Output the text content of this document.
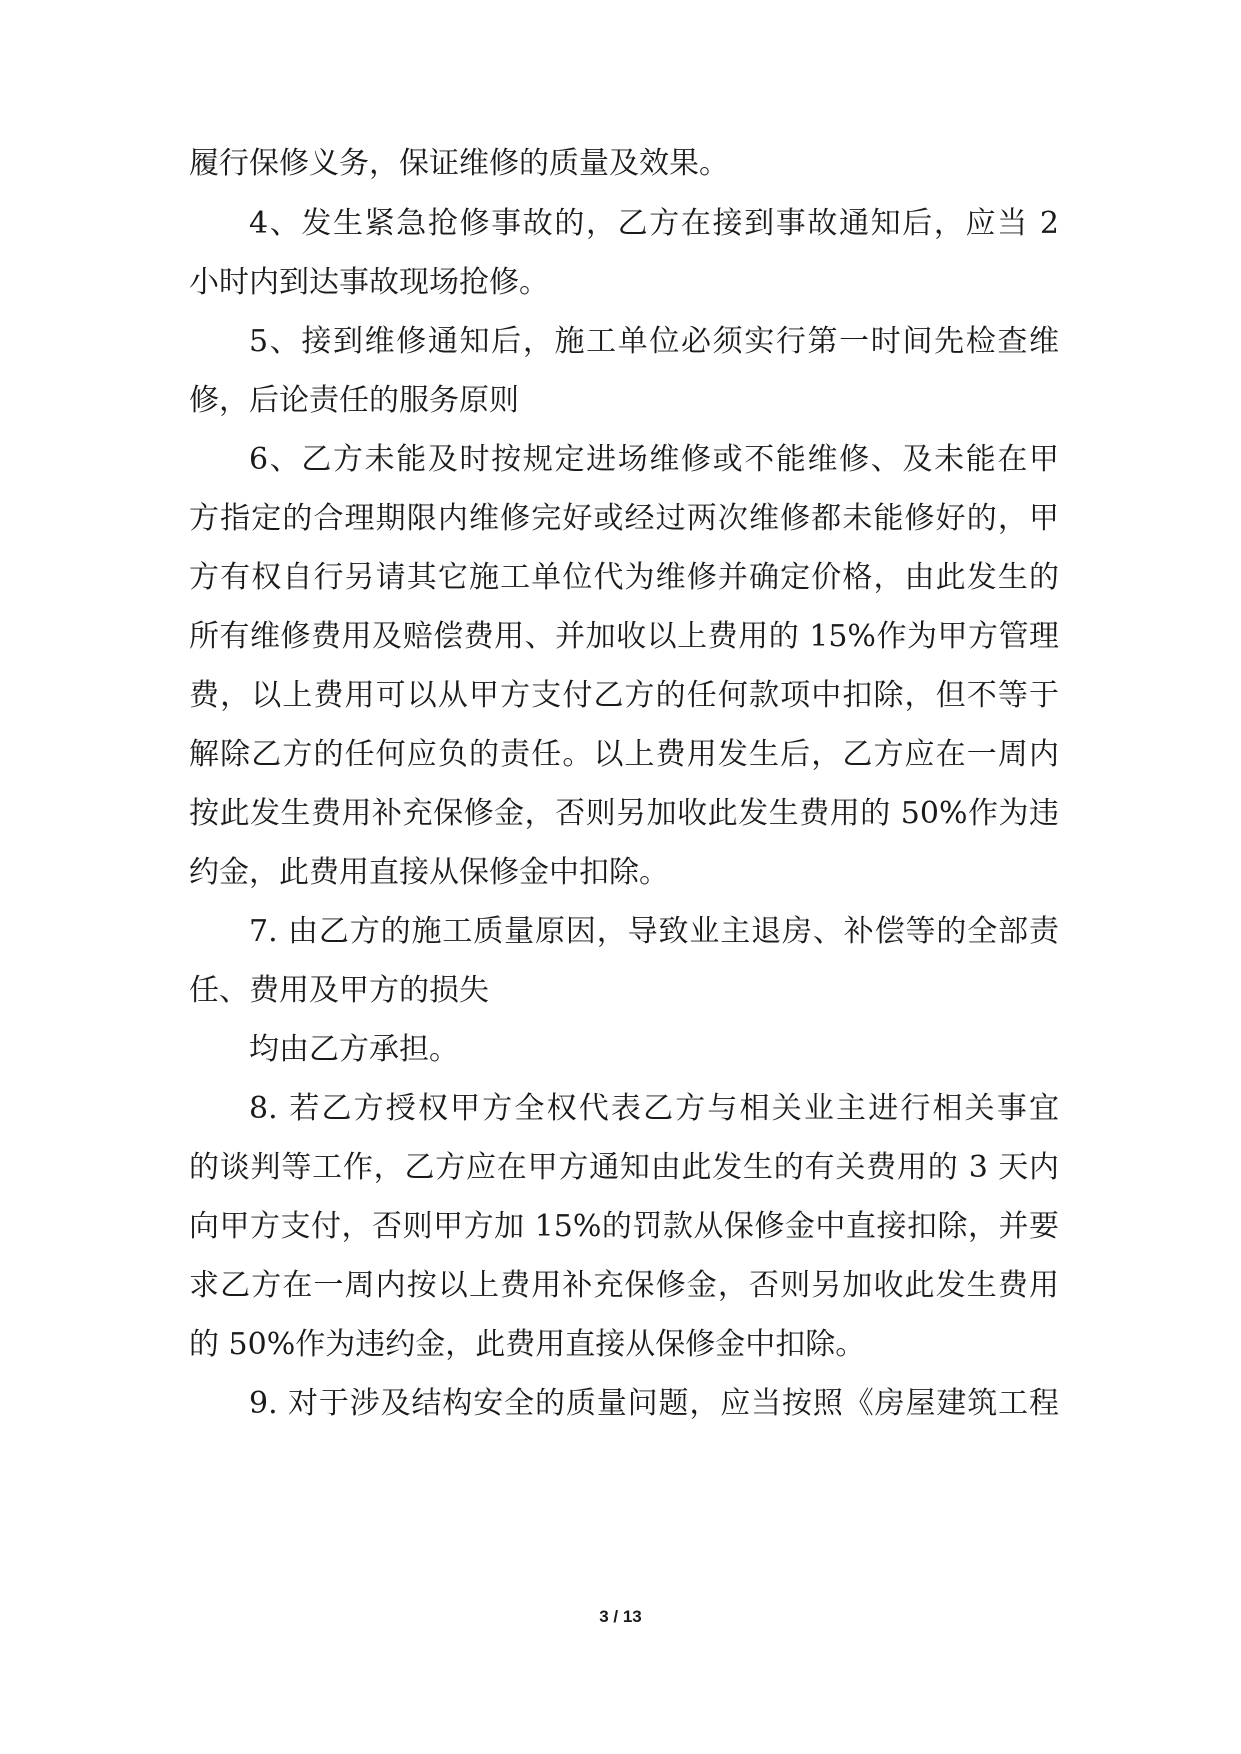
履行保修义务，保证维修的质量及效果。
4、发生紧急抢修事故的，乙方在接到事故通知后，应当 2
小时内到达事故现场抢修。
5、接到维修通知后，施工单位必须实行第一时间先检查维
修，后论责任的服务原则
6、乙方未能及时按规定进场维修或不能维修、及未能在甲
方指定的合理期限内维修完好或经过两次维修都未能修好的，甲
方有权自行另请其它施工单位代为维修并确定价格，由此发生的
所有维修费用及赔偿费用、并加收以上费用的 15%作为甲方管理
费，以上费用可以从甲方支付乙方的任何款项中扣除，但不等于
解除乙方的任何应负的责任。以上费用发生后，乙方应在一周内
按此发生费用补充保修金，否则另加收此发生费用的 50%作为违
约金，此费用直接从保修金中扣除。
7. 由乙方的施工质量原因，导致业主退房、补偿等的全部责
任、费用及甲方的损失
均由乙方承担。
8. 若乙方授权甲方全权代表乙方与相关业主进行相关事宜
的谈判等工作，乙方应在甲方通知由此发生的有关费用的 3 天内
向甲方支付，否则甲方加 15%的罚款从保修金中直接扣除，并要
求乙方在一周内按以上费用补充保修金，否则另加收此发生费用
的 50%作为违约金，此费用直接从保修金中扣除。
9. 对于涉及结构安全的质量问题，应当按照《房屋建筑工程
3 / 13
